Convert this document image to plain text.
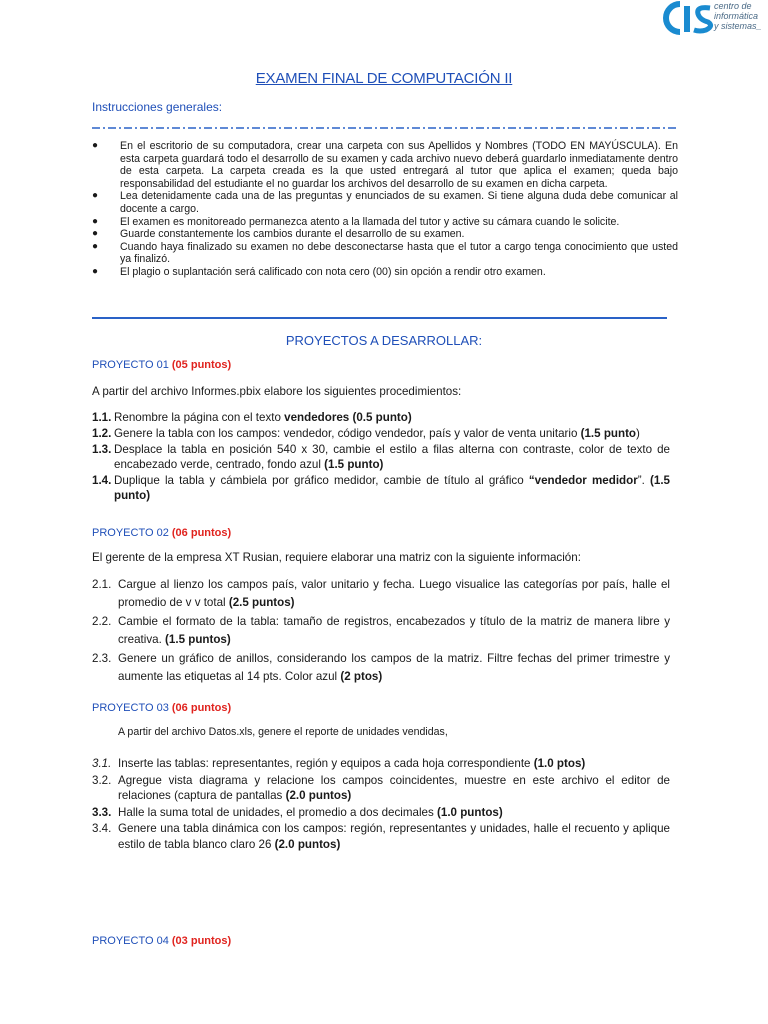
centro de
informática
y sistemas_
EXAMEN FINAL DE COMPUTACIÓN II
Instrucciones generales:
● En el escritorio de su computadora, crear una carpeta con sus Apellidos y Nombres (TODO EN MAYÚSCULA). En esta carpeta guardará todo el desarrollo de su examen y cada archivo nuevo deberá guardarlo inmediatamente dentro de esta carpeta. La carpeta creada es la que usted entregará al tutor que aplica el examen; queda bajo responsabilidad del estudiante el no guardar los archivos del desarrollo de su examen en dicha carpeta.
● Lea detenidamente cada una de las preguntas y enunciados de su examen. Si tiene alguna duda debe comunicar al docente a cargo.
● El examen es monitoreado permanezca atento a la llamada del tutor y active su cámara cuando le solicite.
● Guarde constantemente los cambios durante el desarrollo de su examen.
● Cuando haya finalizado su examen no debe desconectarse hasta que el tutor a cargo tenga conocimiento que usted ya finalizó.
● El plagio o suplantación será calificado con nota cero (00) sin opción a rendir otro examen.
PROYECTOS A DESARROLLAR:
PROYECTO 01 (05 puntos)
A partir del archivo Informes.pbix elabore los siguientes procedimientos:
1.1. Renombre la página con el texto vendedores (0.5 punto)
1.2. Genere la tabla con los campos: vendedor, código vendedor, país y valor de venta unitario (1.5 punto)
1.3. Desplace la tabla en posición 540 x 30, cambie el estilo a filas alterna con contraste, color de texto de encabezado verde, centrado, fondo azul (1.5 punto)
1.4. Duplique la tabla y cámbiela por gráfico medidor, cambie de título al gráfico “vendedor medidor”. (1.5 punto)
PROYECTO 02 (06 puntos)
El gerente de la empresa XT Rusian, requiere elaborar una matriz con la siguiente información:
2.1. Cargue al lienzo los campos país, valor unitario y fecha. Luego visualice las categorías por país, halle el promedio de v v total (2.5 puntos)
2.2. Cambie el formato de la tabla: tamaño de registros, encabezados y título de la matriz de manera libre y creativa. (1.5 puntos)
2.3. Genere un gráfico de anillos, considerando los campos de la matriz. Filtre fechas del primer trimestre y aumente las etiquetas al 14 pts. Color azul (2 ptos)
PROYECTO 03 (06 puntos)
A partir del archivo Datos.xls, genere el reporte de unidades vendidas,
3.1. Inserte las tablas: representantes, región y equipos a cada hoja correspondiente (1.0 ptos)
3.2. Agregue vista diagrama y relacione los campos coincidentes, muestre en este archivo el editor de relaciones (captura de pantallas (2.0 puntos)
3.3. Halle la suma total de unidades, el promedio a dos decimales (1.0 puntos)
3.4. Genere una tabla dinámica con los campos: región, representantes y unidades, halle el recuento y aplique estilo de tabla blanco claro 26 (2.0 puntos)
PROYECTO 04 (03 puntos)
